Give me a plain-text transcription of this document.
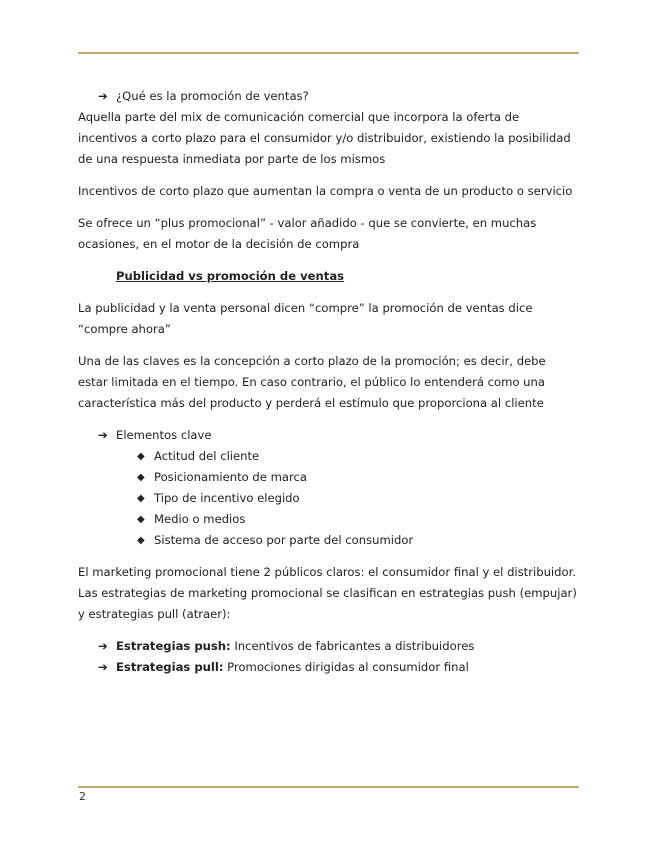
➔ ¿Qué es la promoción de ventas?

Aquella parte del mix de comunicación comercial que incorpora la oferta de incentivos a corto plazo para el consumidor y/o distribuidor, existiendo la posibilidad de una respuesta inmediata por parte de los mismos

Incentivos de corto plazo que aumentan la compra o venta de un producto o servicio

Se ofrece un “plus promocional” - valor añadido - que se convierte, en muchas ocasiones, en el motor de la decisión de compra

Publicidad vs promoción de ventas

La publicidad y la venta personal dicen “compre” la promoción de ventas dice “compre ahora”

Una de las claves es la concepción a corto plazo de la promoción; es decir, debe estar limitada en el tiempo. En caso contrario, el público lo entenderá como una característica más del producto y perderá el estímulo que proporciona al cliente

➔ Elementos clave

◆ Actitud del cliente
◆ Posicionamiento de marca
◆ Tipo de incentivo elegido
◆ Medio o medios
◆ Sistema de acceso por parte del consumidor

El marketing promocional tiene 2 públicos claros: el consumidor final y el distribuidor. Las estrategias de marketing promocional se clasifican en estrategias push (empujar) y estrategias pull (atraer):

➔ Estrategias push: Incentivos de fabricantes a distribuidores

➔ Estrategias pull: Promociones dirigidas al consumidor final

2
